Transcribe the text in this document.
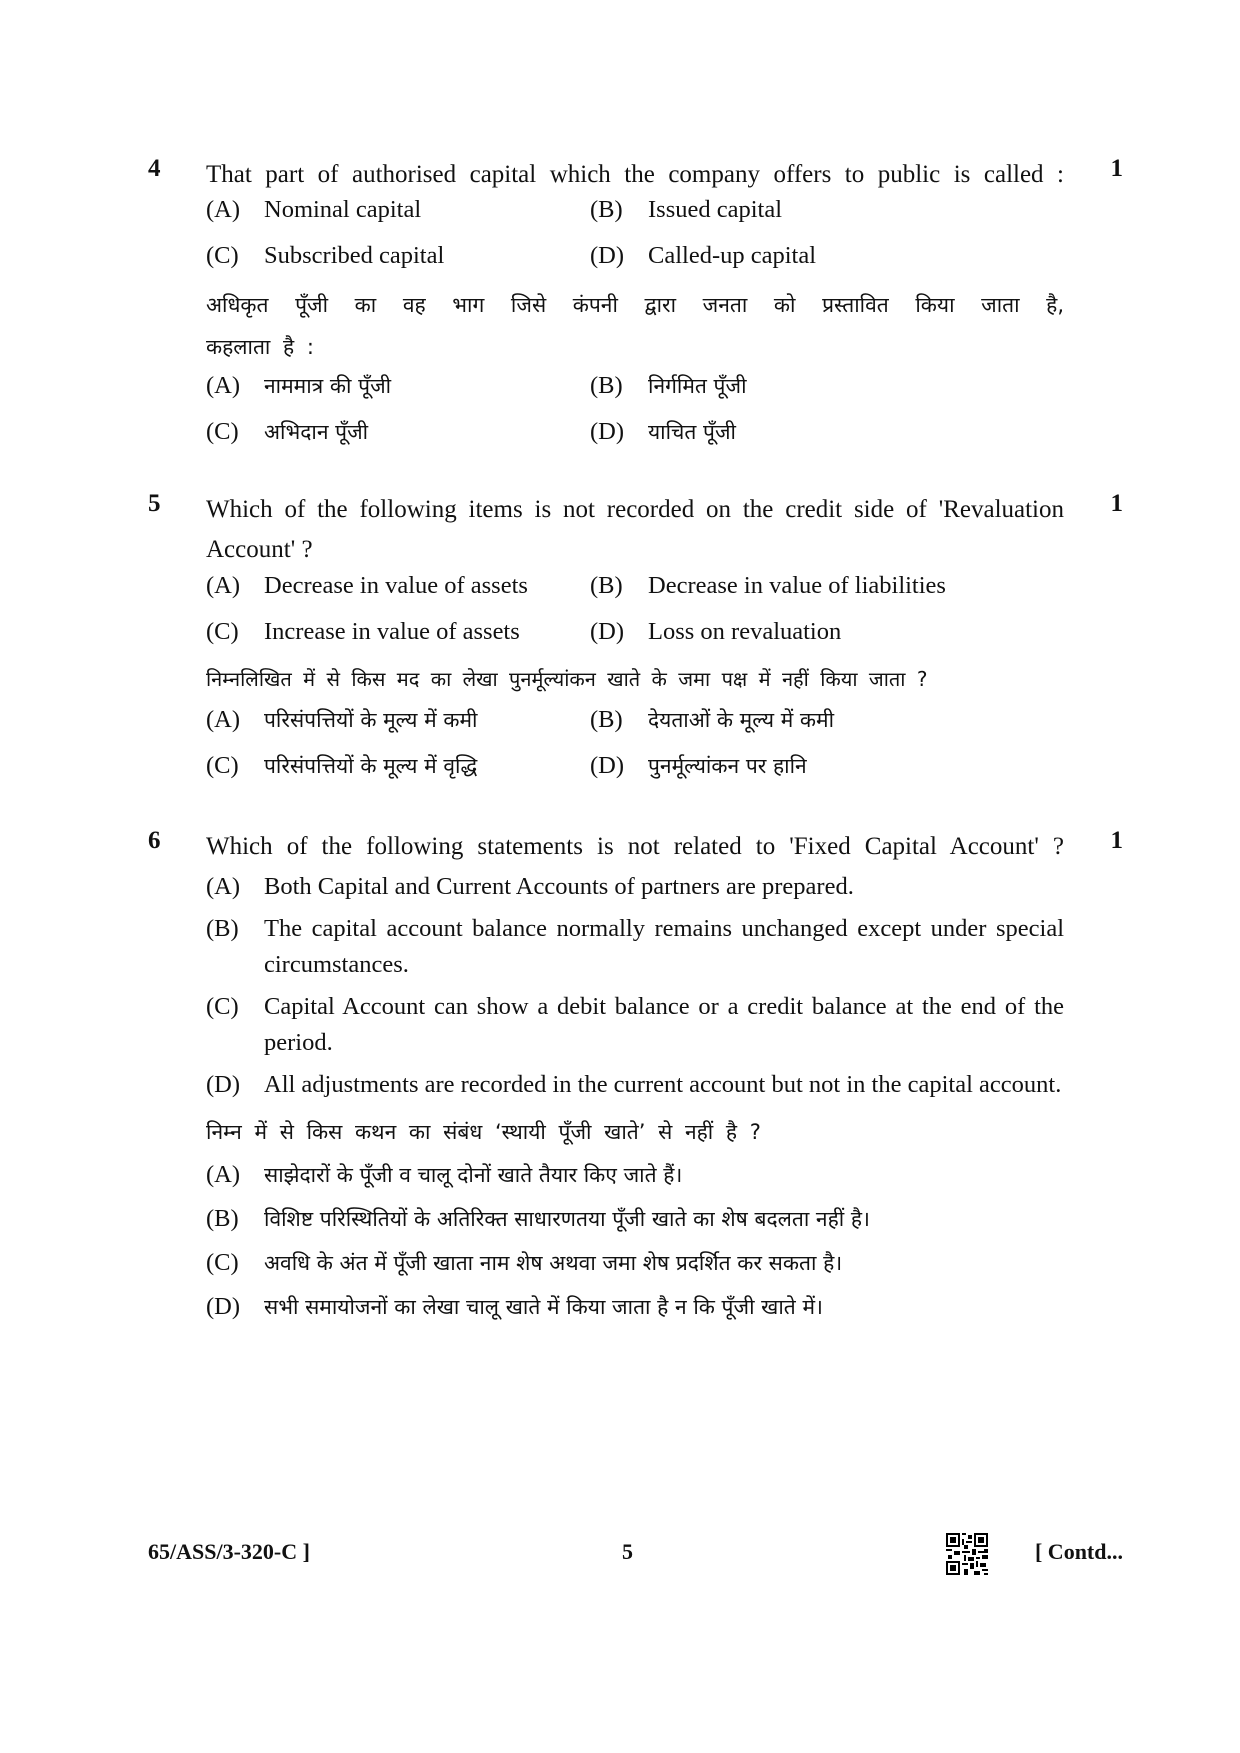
4 That part of authorised capital which the company offers to public is called : 1
(A) Nominal capital	(B) Issued capital
(C) Subscribed capital	(D) Called-up capital
अधिकृत पूँजी का वह भाग जिसे कंपनी द्वारा जनता को प्रस्तावित किया जाता है,
कहलाता है :
(A) नाममात्र की पूँजी	(B) निर्गमित पूँजी
(C) अभिदान पूँजी	(D) याचित पूँजी
5 Which of the following items is not recorded on the credit side of 'Revaluation 1
Account' ?
(A) Decrease in value of assets	(B) Decrease in value of liabilities
(C) Increase in value of assets	(D) Loss on revaluation
निम्नलिखित में से किस मद का लेखा पुनर्मूल्यांकन खाते के जमा पक्ष में नहीं किया जाता ?
(A) परिसंपत्तियों के मूल्य में कमी	(B) देयताओं के मूल्य में कमी
(C) परिसंपत्तियों के मूल्य में वृद्धि	(D) पुनर्मूल्यांकन पर हानि
6 Which of the following statements is not related to 'Fixed Capital Account' ? 1
(A) Both Capital and Current Accounts of partners are prepared.
(B) The capital account balance normally remains unchanged except under special circumstances.
(C) Capital Account can show a debit balance or a credit balance at the end of the period.
(D) All adjustments are recorded in the current account but not in the capital account.
निम्न में से किस कथन का संबंध ‘स्थायी पूँजी खाते’ से नहीं है ?
(A) साझेदारों के पूँजी व चालू दोनों खाते तैयार किए जाते हैं।
(B) विशिष्ट परिस्थितियों के अतिरिक्त साधारणतया पूँजी खाते का शेष बदलता नहीं है।
(C) अवधि के अंत में पूँजी खाता नाम शेष अथवा जमा शेष प्रदर्शित कर सकता है।
(D) सभी समायोजनों का लेखा चालू खाते में किया जाता है न कि पूँजी खाते में।
65/ASS/3-320-C ]	5	[ Contd...
